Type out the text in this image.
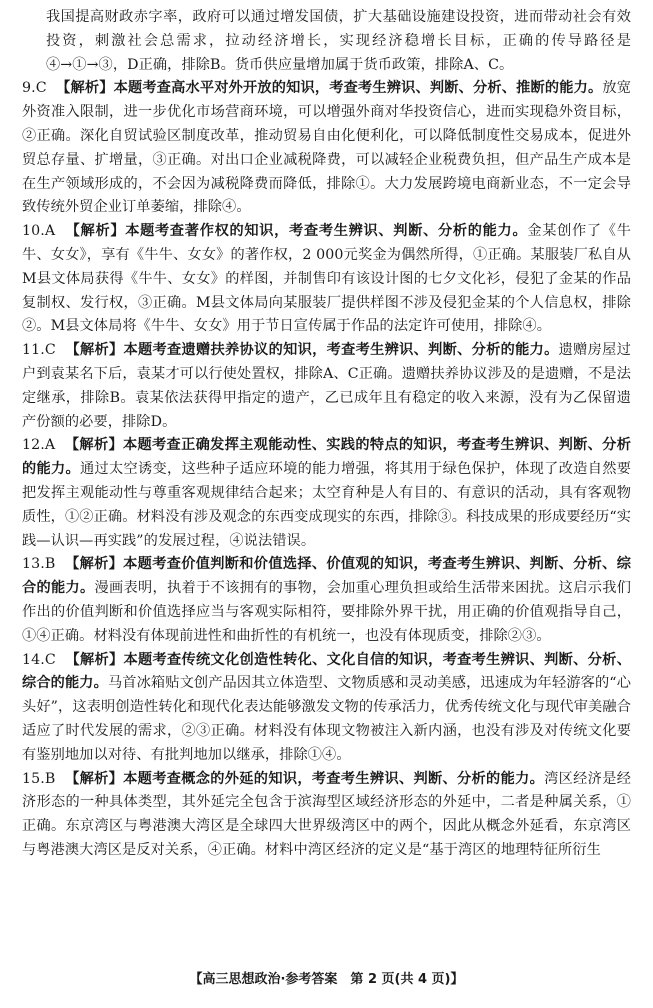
我国提高财政赤字率，政府可以通过增发国债，扩大基础设施建设投资，进而带动社会有效投资，刺激社会总需求，拉动经济增长，实现经济稳增长目标，正确的传导路径是④→①→③，D正确，排除B。货币供应量增加属于货币政策，排除A、C。

9.C 【解析】本题考查高水平对外开放的知识，考查考生辨识、判断、分析、推断的能力。放宽外资准入限制，进一步优化市场营商环境，可以增强外商对华投资信心，进而实现稳外资目标，②正确。深化自贸试验区制度改革，推动贸易自由化便利化，可以降低制度性交易成本，促进外贸总存量、扩增量，③正确。对出口企业减税降费，可以减轻企业税费负担，但产品生产成本是在生产领域形成的，不会因为减税降费而降低，排除①。大力发展跨境电商新业态，不一定会导致传统外贸企业订单萎缩，排除④。

10.A 【解析】本题考查著作权的知识，考查考生辨识、判断、分析的能力。金某创作了《牛牛、女女》，享有《牛牛、女女》的著作权，2 000元奖金为偶然所得，①正确。某服装厂私自从M县文体局获得《牛牛、女女》的样图，并制售印有该设计图的七夕文化衫，侵犯了金某的作品复制权、发行权，③正确。M县文体局向某服装厂提供样图不涉及侵犯金某的个人信息权，排除②。M县文体局将《牛牛、女女》用于节日宣传属于作品的法定许可使用，排除④。

11.C 【解析】本题考查遗赠扶养协议的知识，考查考生辨识、判断、分析的能力。遗赠房屋过户到袁某名下后，袁某才可以行使处置权，排除A、C正确。遗赠扶养协议涉及的是遗赠，不是法定继承，排除B。袁某依法获得甲指定的遗产，乙已成年且有稳定的收入来源，没有为乙保留遗产份额的必要，排除D。

12.A 【解析】本题考查正确发挥主观能动性、实践的特点的知识，考查考生辨识、判断、分析的能力。通过太空诱变，这些种子适应环境的能力增强，将其用于绿色保护，体现了改造自然要把发挥主观能动性与尊重客观规律结合起来；太空育种是人有目的、有意识的活动，具有客观物质性，①②正确。材料没有涉及观念的东西变成现实的东西，排除③。科技成果的形成要经历“实践—认识—再实践”的发展过程，④说法错误。

13.B 【解析】本题考查价值判断和价值选择、价值观的知识，考查考生辨识、判断、分析、综合的能力。漫画表明，执着于不该拥有的事物，会加重心理负担或给生活带来困扰。这启示我们作出的价值判断和价值选择应当与客观实际相符，要排除外界干扰，用正确的价值观指导自己，①④正确。材料没有体现前进性和曲折性的有机统一，也没有体现质变，排除②③。

14.C 【解析】本题考查传统文化创造性转化、文化自信的知识，考查考生辨识、判断、分析、综合的能力。马首冰箱贴文创产品因其立体造型、文物质感和灵动美感，迅速成为年轻游客的“心头好”，这表明创造性转化和现代化表达能够激发文物的传承活力，优秀传统文化与现代审美融合适应了时代发展的需求，②③正确。材料没有体现文物被注入新内涵，也没有涉及对传统文化要有鉴别地加以对待、有批判地加以继承，排除①④。

15.B 【解析】本题考查概念的外延的知识，考查考生辨识、判断、分析的能力。湾区经济是经济形态的一种具体类型，其外延完全包含于滨海型区域经济形态的外延中，二者是种属关系，①正确。东京湾区与粤港澳大湾区是全球四大世界级湾区中的两个，因此从概念外延看，东京湾区与粤港澳大湾区是反对关系，④正确。材料中湾区经济的定义是“基于湾区的地理特征所衍生

【高三思想政治·参考答案　第 2 页(共 4 页)】
